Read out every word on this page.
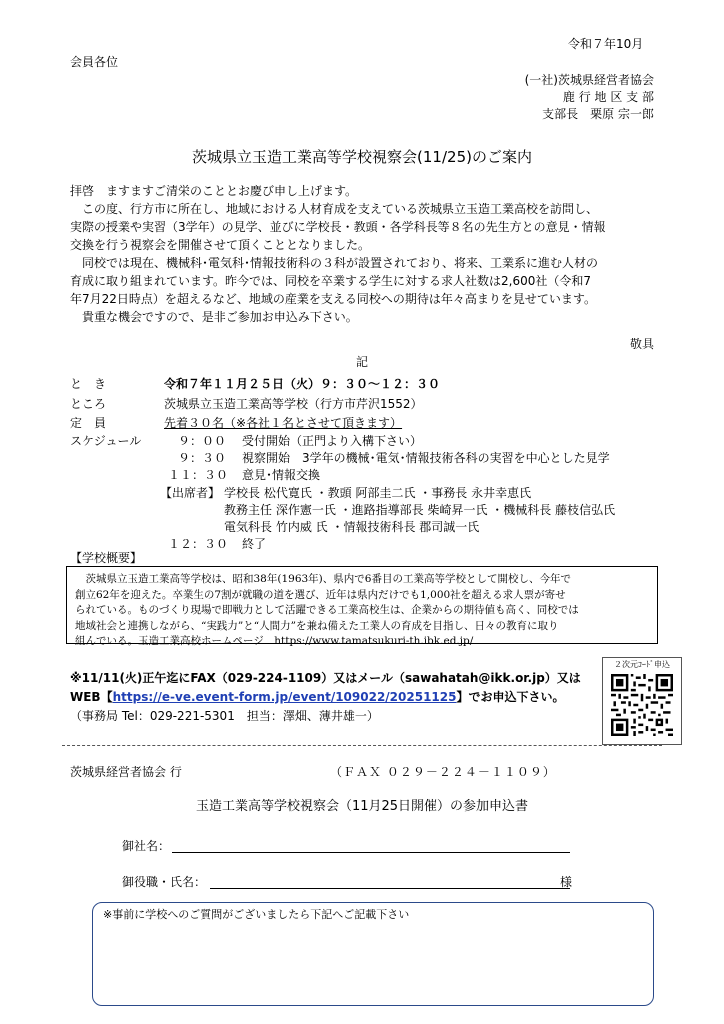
令和７年10月
会員各位
(一社)茨城県経営者協会
鹿 行 地 区 支 部
支部長　栗原 宗一郎
茨城県立玉造工業高等学校視察会(11/25)のご案内

拝啓　ますますご清栄のこととお慶び申し上げます。

　この度、行方市に所在し、地域における人材育成を支えている茨城県立玉造工業高校を訪問し、

実際の授業や実習（3学年）の見学、並びに学校長・教頭・各学科長等８名の先生方との意見・情報

交換を行う視察会を開催させて頂くこととなりました。

　同校では現在、機械科･電気科･情報技術科の３科が設置されており、将来、工業系に進む人材の

育成に取り組まれています。昨今では、同校を卒業する学生に対する求人社数は2,600社（令和7

年7月22日時点）を超えるなど、地域の産業を支える同校への期待は年々高まりを見せています。

　貴重な機会ですので、是非ご参加お申込み下さい。

敬具
記
と　き	令和７年１１月２５日（火）９：３０～１２：３０
ところ	茨城県立玉造工業高等学校（行方市芹沢1552）
定　員	先着３０名（※各社１名とさせて頂きます）
スケジュール	９：００ 受付開始（正門より入構下さい）
９：３０ 視察開始　3学年の機械･電気･情報技術各科の実習を中心とした見学
１１：３０ 意見･情報交換
【出席者】 学校長 松代寛氏 ・教頭 阿部圭二氏 ・事務長 永井幸恵氏
教務主任 深作憲一氏 ・進路指導部長 柴崎昇一氏 ・機械科長 藤枝信弘氏
電気科長 竹内威 氏 ・情報技術科長 郡司誠一氏
１２：３０ 終了
【学校概要】

　茨城県立玉造工業高等学校は、昭和38年(1963年)、県内で6番目の工業高等学校として開校し、今年で

創立62年を迎えた。卒業生の7割が就職の道を選び、近年は県内だけでも1,000社を超える求人票が寄せ

られている。ものづくり現場で即戦力として活躍できる工業高校生は、企業からの期待値も高く、同校では

地域社会と連携しながら、“実践力”と“人間力”を兼ね備えた工業人の育成を目指し、日々の教育に取り

組んでいる。玉造工業高校ホームページ　https://www.tamatsukuri-th.ibk.ed.jp/

※11/11(火)正午迄にFAX（029-224-1109）又はメール（sawahatah@ikk.or.jp）又は
WEB【https://e-ve.event-form.jp/event/109022/20251125】でお申込下さい。
（事務局 Tel：029-221-5301　担当：澤畑、薄井雄一）
２次元ｺｰﾄﾞ申込
茨城県経営者協会 行	（ＦＡＸ ０２９－２２４－１１０９）
玉造工業高等学校視察会（11月25日開催）の参加申込書
御社名：
御役職・氏名：	様
※事前に学校へのご質問がございましたら下記へご記載下さい
